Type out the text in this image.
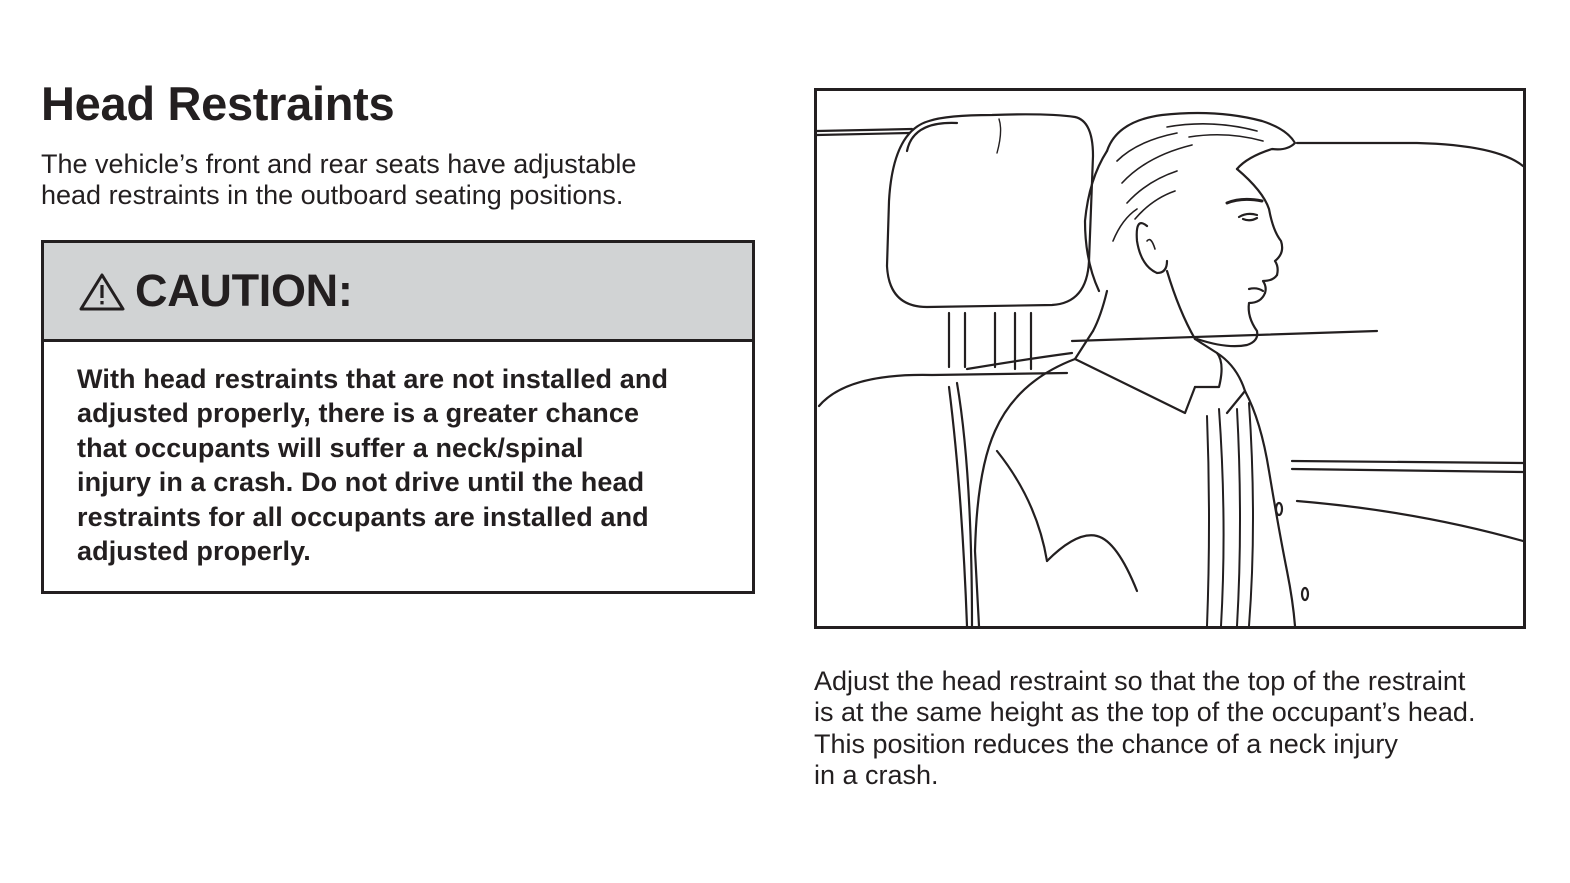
Head Restraints
The vehicle’s front and rear seats have adjustable
head restraints in the outboard seating positions.
CAUTION:
With head restraints that are not installed and
adjusted properly, there is a greater chance
that occupants will suffer a neck/spinal
injury in a crash. Do not drive until the head
restraints for all occupants are installed and
adjusted properly.
Adjust the head restraint so that the top of the restraint
is at the same height as the top of the occupant’s head.
This position reduces the chance of a neck injury
in a crash.
